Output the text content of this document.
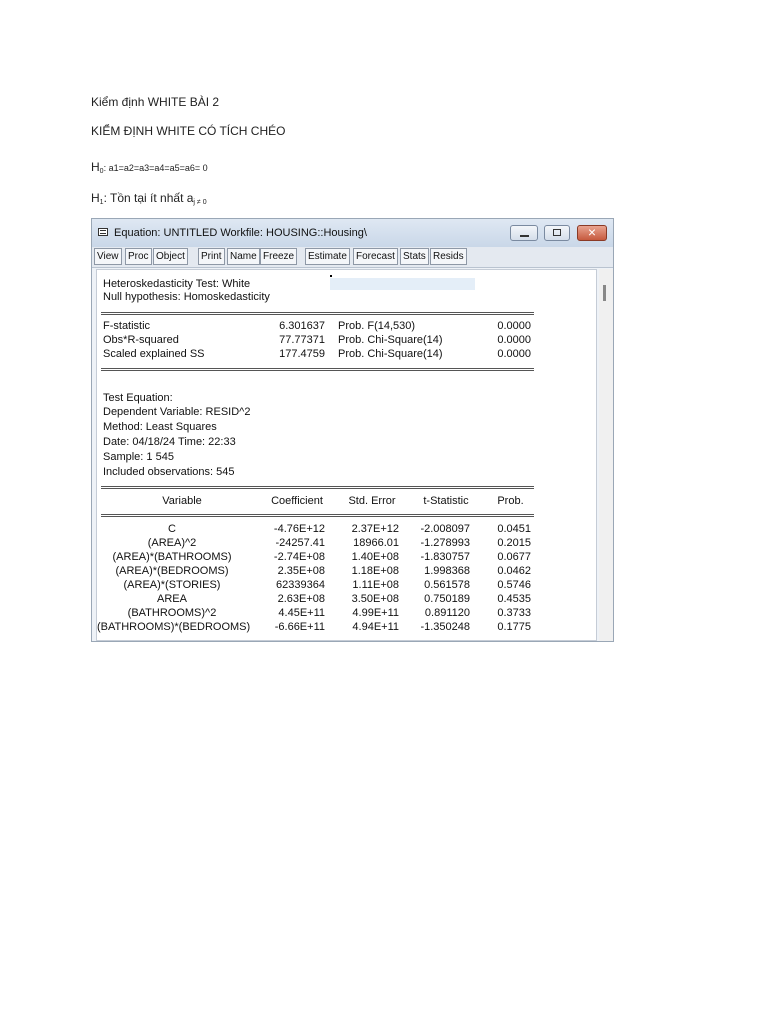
Kiểm định WHITE BÀI 2
KIỂM ĐỊNH WHITE CÓ TÍCH CHÉO
$H_0$: a1=a2=a3=a4=a5=a6= 0
$H_1$: Tồn tại ít nhất $a_{j \ne 0}$
Equation: UNTITLED Workfile: HOUSING::Housing\
×
View Proc Object	Print Name Freeze	Estimate Forecast Stats Resids
Heteroskedasticity Test: White
Null hypothesis: Homoskedasticity
F-statistic	6.301637 Prob. F(14,530)	0.0000
Obs*R-squared	77.77371 Prob. Chi-Square(14)	0.0000
Scaled explained SS	177.4759 Prob. Chi-Square(14)	0.0000
Test Equation:
Dependent Variable: RESID^2
Method: Least Squares
Date: 04/18/24 Time: 22:33
Sample: 1 545
Included observations: 545
Variable	Coefficient	Std. Error	t-Statistic	Prob.
C	-4.76E+12	2.37E+12	-2.008097	0.0451
(AREA)^2	-24257.41	18966.01	-1.278993	0.2015
(AREA)*(BATHROOMS)	-2.74E+08	1.40E+08	-1.830757	0.0677
(AREA)*(BEDROOMS)	2.35E+08	1.18E+08	1.998368	0.0462
(AREA)*(STORIES)	62339364	1.11E+08	0.561578	0.5746
AREA	2.63E+08	3.50E+08	0.750189	0.4535
(BATHROOMS)^2	4.45E+11	4.99E+11	0.891120	0.3733
(BATHROOMS)*(BEDROOMS)	-6.66E+11	4.94E+11	-1.350248	0.1775
